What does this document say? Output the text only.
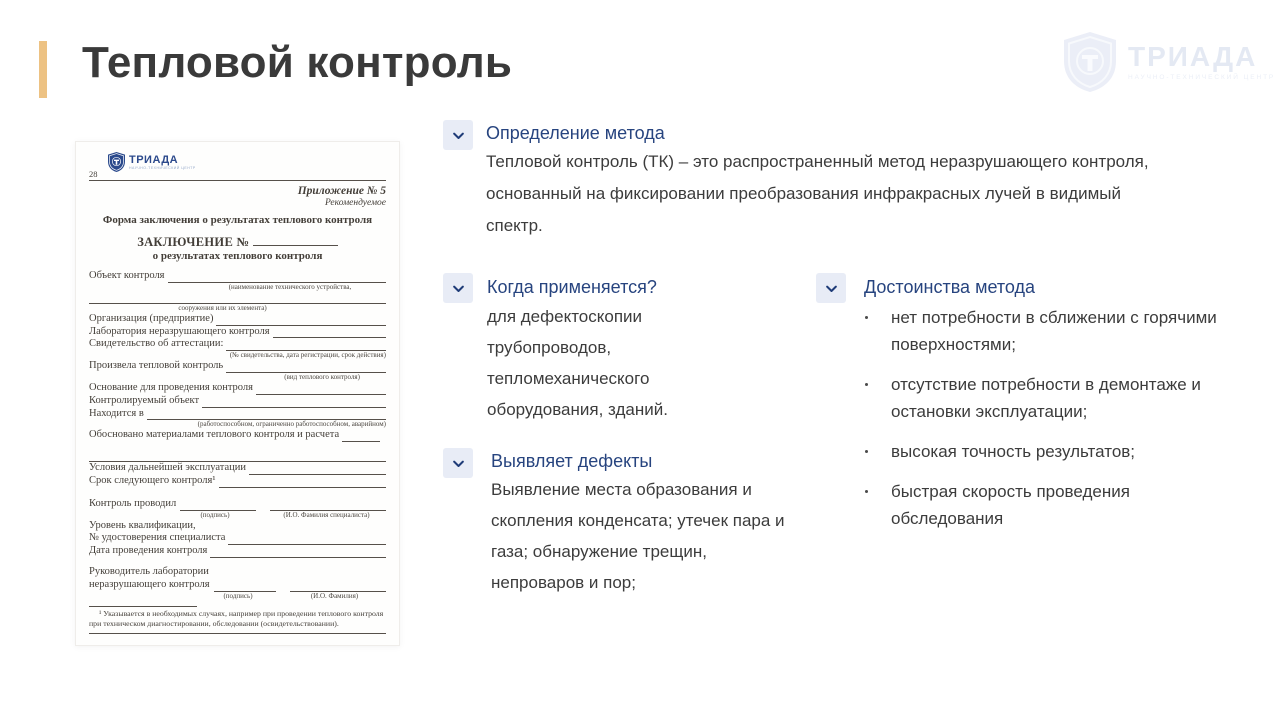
Тепловой контроль	ТРИАДА
НАУЧНО-ТЕХНИЧЕСКИЙ ЦЕНТР
ТРИАДА
НАУЧНО-ТЕХНИЧЕСКИЙ ЦЕНТР
28
Приложение № 5
Рекомендуемое
Форма заключения о результатах теплового контроля
ЗАКЛЮЧЕНИЕ №
о результатах теплового контроля
Объект контроля
(наименование технического устройства,
сооружения или их элемента)
Организация (предприятие)
Лаборатория неразрушающего контроля
Свидетельство об аттестации:
(№ свидетельства, дата регистрации, срок действия)
Произвела тепловой контроль
(вид теплового контроля)
Основание для проведения контроля
Контролируемый объект
Находится в
(работоспособном, ограниченно работоспособном, аварийном)
Обосновано материалами теплового контроля и расчета
Условия дальнейшей эксплуатации
Срок следующего контроля¹
Контроль проводил
(подпись)	(И.О. Фамилия специалиста)
Уровень квалификации,
№ удостоверения специалиста
Дата проведения контроля
Руководитель лаборатории
неразрушающего контроля
(подпись)	(И.О. Фамилия)
¹ Указывается в необходимых случаях, например при проведении теплового контроля при техническом диагностировании, обследовании (освидетельствовании).
Определение метода
Тепловой контроль (ТК) – это распространенный метод неразрушающего контроля,
основанный на фиксировании преобразования инфракрасных лучей в видимый
спектр.
Когда применяется?
для дефектоскопии
трубопроводов,
тепломеханического
оборудования, зданий.
Выявляет дефекты
Выявление места образования и
скопления конденсата; утечек пара и
газа; обнаружение трещин,
непроваров и пор;
Достоинства метода
нет потребности в сближении с горячими
поверхностями;
отсутствие потребности в демонтаже и
остановки эксплуатации;
высокая точность результатов;
быстрая скорость проведения
обследования
